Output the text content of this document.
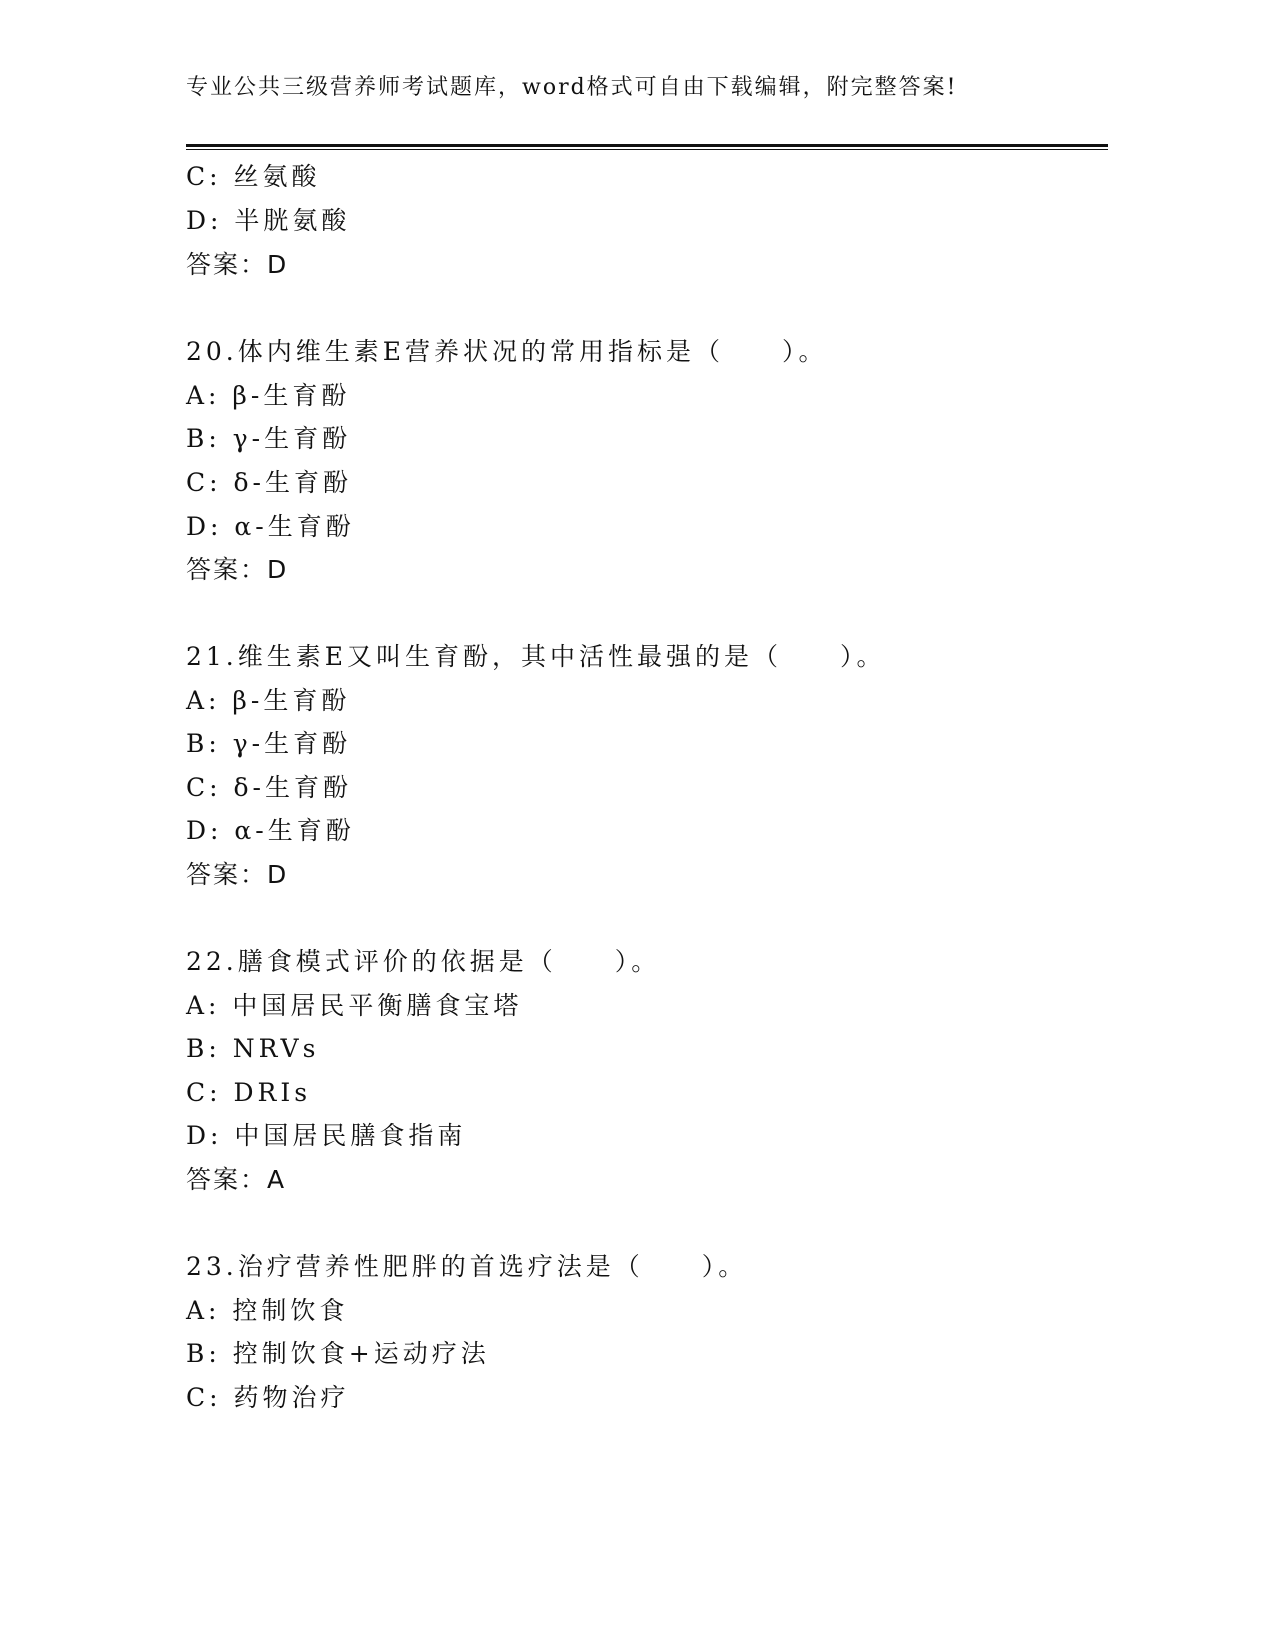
专业公共三级营养师考试题库，word格式可自由下载编辑，附完整答案!
C: 丝氨酸
D: 半胱氨酸
答案：D
20.体内维生素E营养状况的常用指标是（　　）。
A: β-生育酚
B: γ-生育酚
C: δ-生育酚
D: α-生育酚
答案：D
21.维生素E又叫生育酚，其中活性最强的是（　　）。
A: β-生育酚
B: γ-生育酚
C: δ-生育酚
D: α-生育酚
答案：D
22.膳食模式评价的依据是（　　）。
A: 中国居民平衡膳食宝塔
B: NRVs
C: DRIs
D: 中国居民膳食指南
答案：A
23.治疗营养性肥胖的首选疗法是（　　）。
A: 控制饮食
B: 控制饮食+运动疗法
C: 药物治疗
